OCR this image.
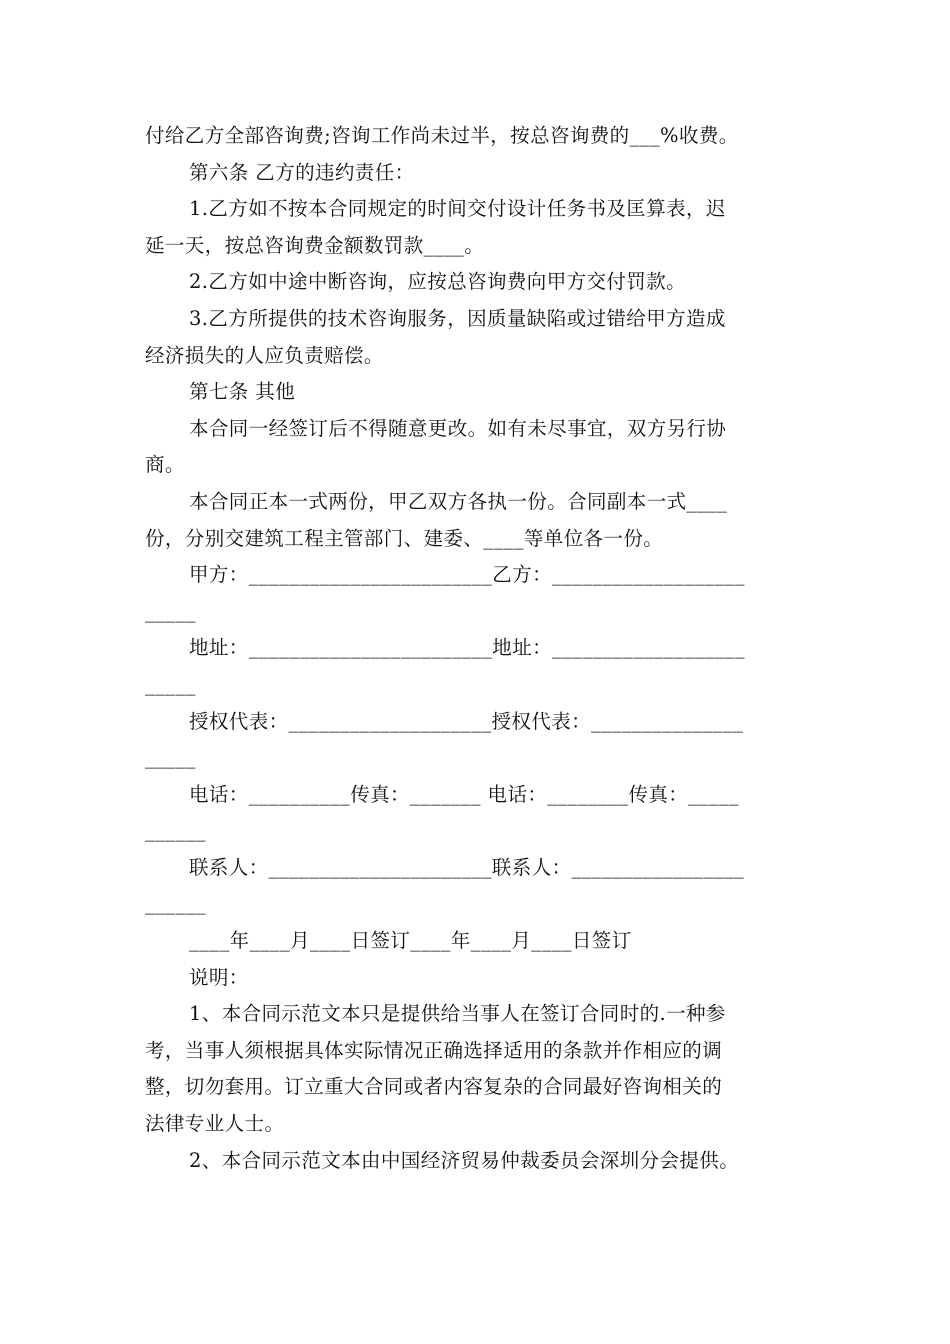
付给乙方全部咨询费;咨询工作尚未过半，按总咨询费的___%收费。
第六条 乙方的违约责任：
1.乙方如不按本合同规定的时间交付设计任务书及匡算表，迟
延一天，按总咨询费金额数罚款____。
2.乙方如中途中断咨询，应按总咨询费向甲方交付罚款。
3.乙方所提供的技术咨询服务，因质量缺陷或过错给甲方造成
经济损失的人应负责赔偿。
第七条 其他
本合同一经签订后不得随意更改。如有未尽事宜，双方另行协
商。
本合同正本一式两份，甲乙双方各执一份。合同副本一式____
份，分别交建筑工程主管部门、建委、____等单位各一份。
甲方：________________________乙方：___________________
_____
地址：________________________地址：___________________
_____
授权代表：____________________授权代表：_______________
_____
电话：__________传真：_______ 电话：________传真：_____
______
联系人：______________________联系人：_________________
______
____年____月____日签订____年____月____日签订
说明：
1、本合同示范文本只是提供给当事人在签订合同时的.一种参
考，当事人须根据具体实际情况正确选择适用的条款并作相应的调
整，切勿套用。订立重大合同或者内容复杂的合同最好咨询相关的
法律专业人士。
2、本合同示范文本由中国经济贸易仲裁委员会深圳分会提供。
